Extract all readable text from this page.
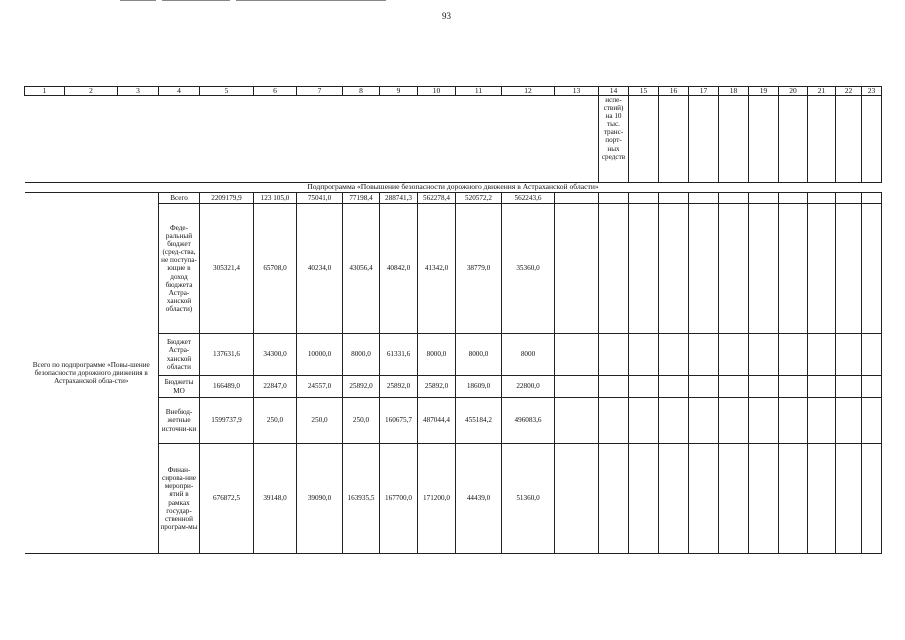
93
1	2	3	4	5	6	7	8	9	10	11	12	13	14	15	16	17	18	19	20	21	22	23
													испе-ствий) на 10 тыс. транс-порт-ных средств									
Подпрограмма «Повышение безопасности дорожного движения в Астраханской области»																						
Всего по подпрограмме «Повы-шение безопасности дорожного движения в Астраханской обла-сти»			Всего	2209179,9	123 105,0	75041,0	77198,4	288741,3	562278,4	520572,2	562243,6											
			Феде-ральный бюджет (сред-ства, не поступа-ющие в доход бюджета Астра-ханской области)	305321,4	65708,0	40234,0	43056,4	40842,0	41342,0	38779,0	35360,0											
			Бюджет Астра-ханской области	137631,6	34300,0	10000,0	8000,0	61331,6	8000,0	8000,0	8000											
			Бюджеты МО	166489,0	22847,0	24557,0	25892,0	25892,0	25892,0	18609,0	22800,0											
			Внебюд-жетные источни-ки	1599737,9	250,0	250,0	250,0	160675,7	487044,4	455184,2	496083,6											
			Финан-сирова-ние меропри-ятий в рамках государ-ственной програм-мы	676872,5	39148,0	39090,0	163935,5	167700,0	171200,0	44439,0	51360,0											
